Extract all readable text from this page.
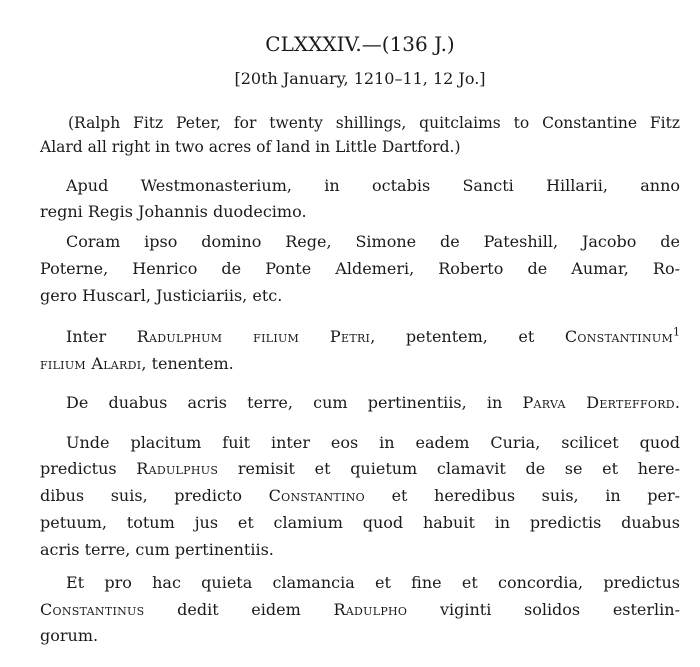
CLXXXIV.—(136 J.)
[20th January, 1210–11, 12 Jo.]
(Ralph Fitz Peter, for twenty shillings, quitclaims to Constantine Fitz
Alard all right in two acres of land in Little Dartford.)
Apud Westmonasterium, in octabis Sancti Hillarii, anno
regni Regis Johannis duodecimo.
Coram ipso domino Rege, Simone de Pateshill, Jacobo de
Poterne, Henrico de Ponte Aldemeri, Roberto de Aumar, Ro-
gero Huscarl, Justiciariis, etc.
Inter Radulphum filium Petri, petentem, et Constantinum$^1$
filium Alardi, tenentem.
De duabus acris terre, cum pertinentiis, in Parva Dertefford.
Unde placitum fuit inter eos in eadem Curia, scilicet quod
predictus Radulphus remisit et quietum clamavit de se et here-
dibus suis, predicto Constantino et heredibus suis, in per-
petuum, totum jus et clamium quod habuit in predictis duabus
acris terre, cum pertinentiis.
Et pro hac quieta clamancia et fine et concordia, predictus
Constantinus dedit eidem Radulpho viginti solidos esterlin-
gorum.
